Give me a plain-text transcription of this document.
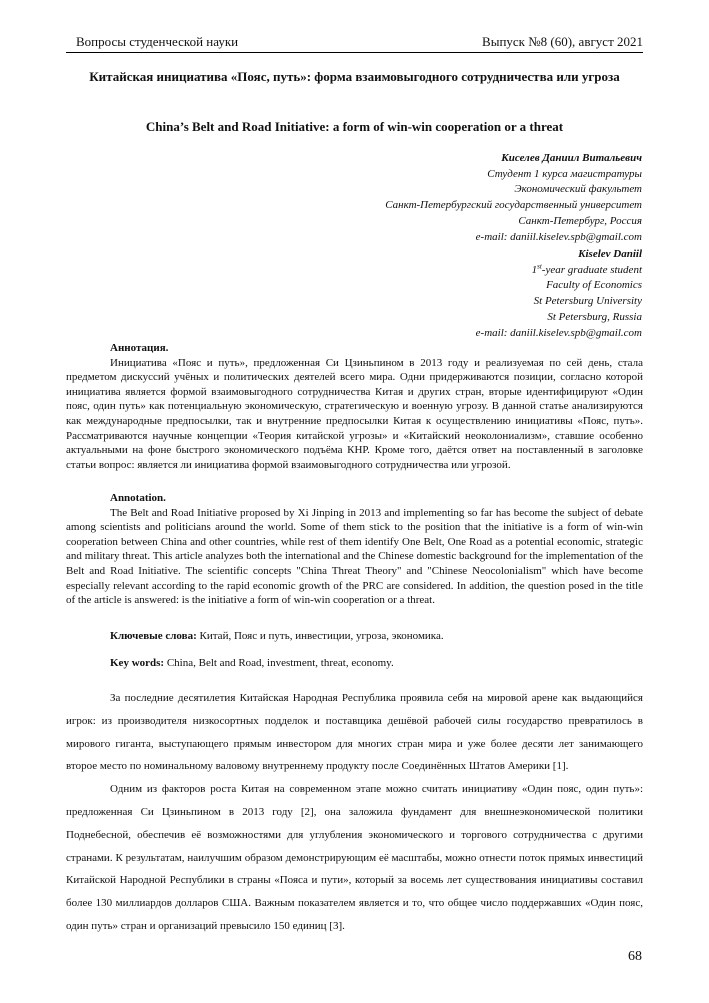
Вопросы студенческой науки	Выпуск №8 (60), август 2021
Китайская инициатива «Пояс, путь»: форма взаимовыгодного сотрудничества или угроза
China’s Belt and Road Initiative: a form of win-win cooperation or a threat
Киселев Даниил Витальевич
Студент 1 курса магистратуры
Экономический факультет
Санкт-Петербургский государственный университет
Санкт-Петербург, Россия
e-mail: daniil.kiselev.spb@gmail.com
Kiselev Daniil
1st-year graduate student
Faculty of Economics
St Petersburg University
St Petersburg, Russia
e-mail: daniil.kiselev.spb@gmail.com
Аннотация.

Инициатива «Пояс и путь», предложенная Си Цзиньпином в 2013 году и реализуемая по сей день, стала предметом дискуссий учёных и политических деятелей всего мира. Одни придерживаются позиции, согласно которой инициатива является формой взаимовыгодного сотрудничества Китая и других стран, вторые идентифицируют «Один пояс, один путь» как потенциальную экономическую, стратегическую и военную угрозу. В данной статье анализируются как международные предпосылки, так и внутренние предпосылки Китая к осуществлению инициативы «Пояс, путь». Рассматриваются научные концепции «Теория китайской угрозы» и «Китайский неоколониализм», ставшие особенно актуальными на фоне быстрого экономического подъёма КНР. Кроме того, даётся ответ на поставленный в заголовке статьи вопрос: является ли инициатива формой взаимовыгодного сотрудничества или угрозой.

Annotation.

The Belt and Road Initiative proposed by Xi Jinping in 2013 and implementing so far has become the subject of debate among scientists and politicians around the world. Some of them stick to the position that the initiative is a form of win-win cooperation between China and other countries, while rest of them identify One Belt, One Road as a potential economic, strategic and military threat. This article analyzes both the international and the Chinese domestic background for the implementation of the Belt and Road Initiative. The scientific concepts "China Threat Theory" and "Chinese Neocolonialism" which have become especially relevant according to the rapid economic growth of the PRC are considered. In addition, the question posed in the title of the article is answered: is the initiative a form of win-win cooperation or a threat.

Ключевые слова: Китай, Пояс и путь, инвестиции, угроза, экономика.
Key words: China, Belt and Road, investment, threat, economy.

За последние десятилетия Китайская Народная Республика проявила себя на мировой арене как выдающийся игрок: из производителя низкосортных подделок и поставщика дешёвой рабочей силы государство превратилось в мирового гиганта, выступающего прямым инвестором для многих стран мира и уже более десяти лет занимающего второе место по номинальному валовому внутреннему продукту после Соединённых Штатов Америки [1].

Одним из факторов роста Китая на современном этапе можно считать инициативу «Один пояс, один путь»: предложенная Си Цзиньпином в 2013 году [2], она заложила фундамент для внешнеэкономической политики Поднебесной, обеспечив её возможностями для углубления экономического и торгового сотрудничества с другими странами. К результатам, наилучшим образом демонстрирующим её масштабы, можно отнести поток прямых инвестиций Китайской Народной Республики в страны «Пояса и пути», который за восемь лет существования инициативы составил более 130 миллиардов долларов США. Важным показателем является и то, что общее число поддержавших «Один пояс, один путь» стран и организаций превысило 150 единиц [3].

68
